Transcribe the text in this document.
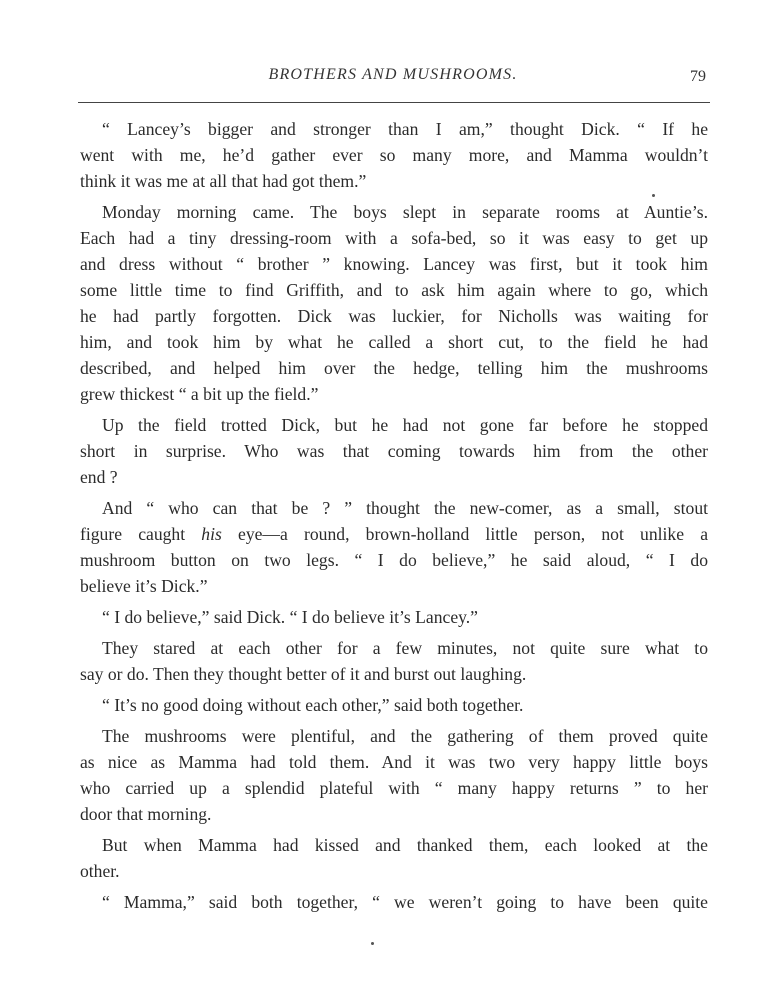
BROTHERS AND MUSHROOMS.	79

“ Lancey’s bigger and stronger than I am,” thought Dick. “ If he
went with me, he’d gather ever so many more, and Mamma wouldn’t
think it was me at all that had got them.”

Monday morning came. The boys slept in separate rooms at Auntie’s.
Each had a tiny dressing-room with a sofa-bed, so it was easy to get up
and dress without “ brother ” knowing. Lancey was first, but it took him
some little time to find Griffith, and to ask him again where to go, which
he had partly forgotten. Dick was luckier, for Nicholls was waiting for
him, and took him by what he called a short cut, to the field he had
described, and helped him over the hedge, telling him the mushrooms
grew thickest “ a bit up the field.”

Up the field trotted Dick, but he had not gone far before he stopped
short in surprise. Who was that coming towards him from the other
end ?

And “ who can that be ? ” thought the new-comer, as a small, stout
figure caught his eye—a round, brown-holland little person, not unlike a
mushroom button on two legs. “ I do believe,” he said aloud, “ I do
believe it’s Dick.”

“ I do believe,” said Dick. “ I do believe it’s Lancey.”

They stared at each other for a few minutes, not quite sure what to
say or do. Then they thought better of it and burst out laughing.

“ It’s no good doing without each other,” said both together.

The mushrooms were plentiful, and the gathering of them proved quite
as nice as Mamma had told them. And it was two very happy little boys
who carried up a splendid plateful with “ many happy returns ” to her
door that morning.

But when Mamma had kissed and thanked them, each looked at the
other.

“ Mamma,” said both together, “ we weren’t going to have been quite
